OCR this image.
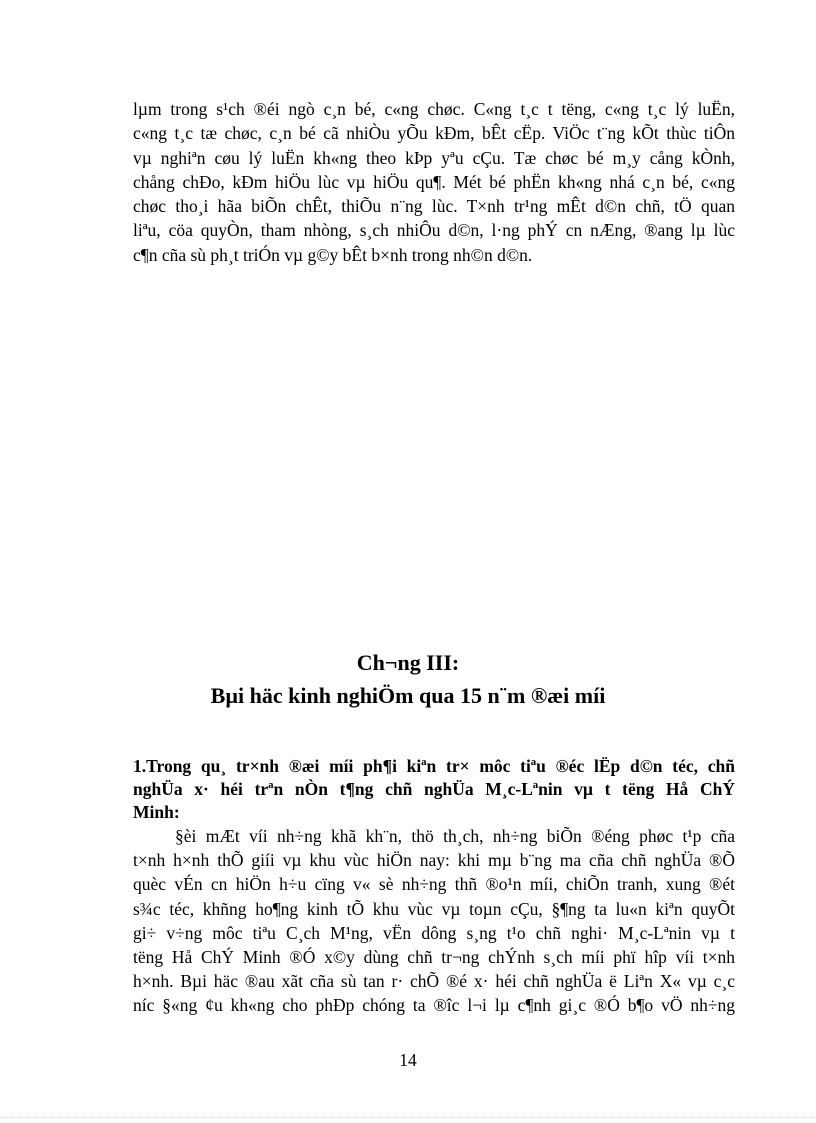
lµm trong s¹ch ®éi ngò c¸n bé, c«ng chøc. C«ng t¸c t tëng, c«ng t¸c lý luËn,
c«ng t¸c tæ chøc, c¸n bé cã nhiÒu yÕu kÐm, bÊt cËp. ViÖc t¨ng kÕt thùc tiÔn
vµ nghiªn cøu lý luËn kh«ng theo kÞp yªu cÇu. Tæ chøc bé m¸y cång kÒnh,
chång chÐo, kÐm hiÖu lùc vµ hiÖu qu¶. Mét bé phËn kh«ng nhá c¸n bé, c«ng
chøc tho¸i hãa biÕn chÊt, thiÕu n¨ng lùc. T×nh tr¹ng mÊt d©n chñ, tÖ quan
liªu, cöa quyÒn, tham nhòng, s¸ch nhiÔu d©n, l·ng phÝ cn nÆng, ®ang lµ lùc
c¶n cña sù ph¸t triÓn vµ g©y bÊt b×nh trong nh©n d©n.

Ch¬ng III:
Bµi häc kinh nghiÖm qua 15 n¨m ®æi míi
1.Trong qu¸ tr×nh ®æi míi ph¶i kiªn tr× môc tiªu ®éc lËp d©n téc, chñ
nghÜa x· héi trªn nÒn t¶ng chñ nghÜa M¸c-Lªnin vµ t tëng Hå ChÝ
Minh:

§èi mÆt víi nh÷ng khã kh¨n, thö th¸ch, nh÷ng biÕn ®éng phøc t¹p cña
t×nh h×nh thÕ giíi vµ khu vùc hiÖn nay: khi mµ b¨ng ma cña chñ nghÜa ®Õ
quèc vÉn cn hiÖn h÷u cïng v« sè nh÷ng thñ ®o¹n míi, chiÕn tranh, xung ®ét
s¾c téc, khñng ho¶ng kinh tÕ khu vùc vµ toµn cÇu, §¶ng ta lu«n kiªn quyÕt
gi÷ v÷ng môc tiªu C¸ch M¹ng, vËn dông s¸ng t¹o chñ nghi· M¸c-Lªnin vµ t
tëng Hå ChÝ Minh ®Ó x©y dùng chñ tr¬ng chÝnh s¸ch míi phï hîp víi t×nh
h×nh. Bµi häc ®au xãt cña sù tan r· chÕ ®é x· héi chñ nghÜa ë Liªn X« vµ c¸c
níc §«ng ¢u kh«ng cho phÐp chóng ta ®îc l¬i lµ c¶nh gi¸c ®Ó b¶o vÖ nh÷ng

14
